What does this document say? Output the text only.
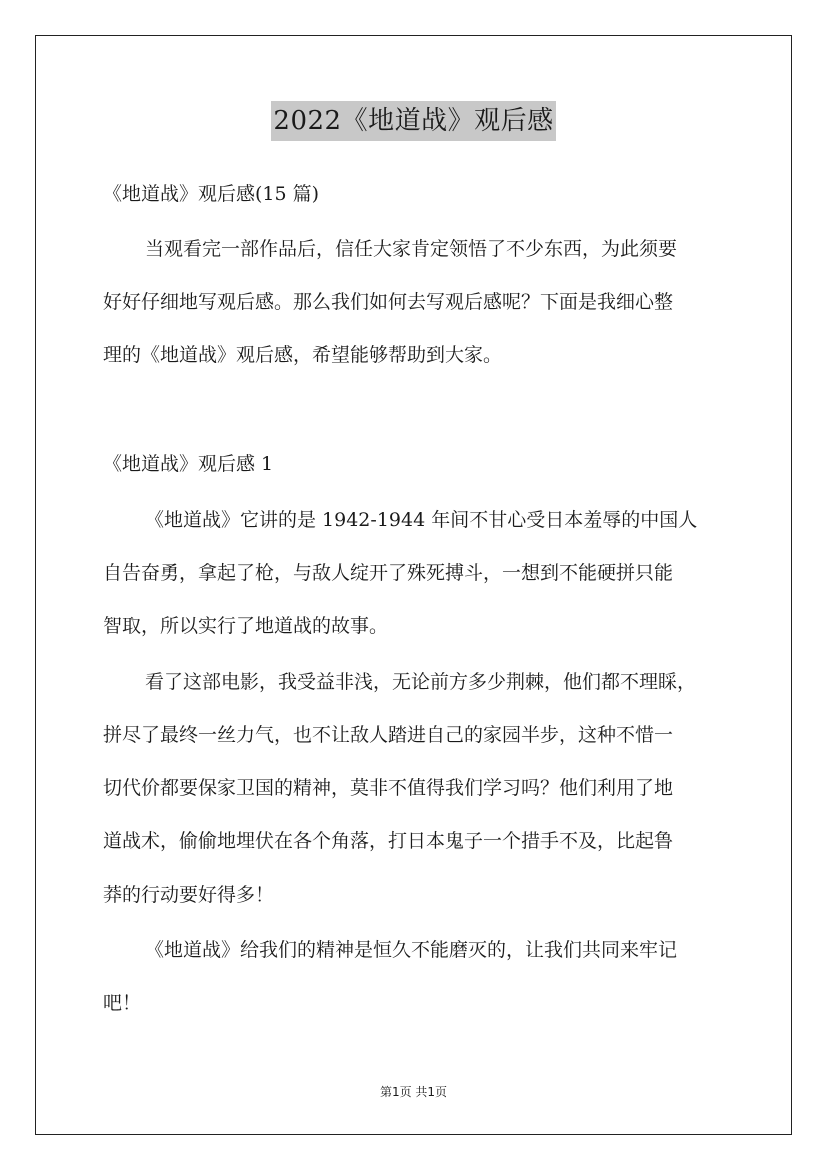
2022《地道战》观后感
《地道战》观后感(15 篇)
当观看完一部作品后，信任大家肯定领悟了不少东西，为此须要
好好仔细地写观后感。那么我们如何去写观后感呢？下面是我细心整
理的《地道战》观后感，希望能够帮助到大家。
《地道战》观后感 1
《地道战》它讲的是 1942-1944 年间不甘心受日本羞辱的中国人
自告奋勇，拿起了枪，与敌人绽开了殊死搏斗，一想到不能硬拼只能
智取，所以实行了地道战的故事。
看了这部电影，我受益非浅，无论前方多少荆棘，他们都不理睬，
拼尽了最终一丝力气，也不让敌人踏进自己的家园半步，这种不惜一
切代价都要保家卫国的精神，莫非不值得我们学习吗？他们利用了地
道战术，偷偷地埋伏在各个角落，打日本鬼子一个措手不及，比起鲁
莽的行动要好得多！
《地道战》给我们的精神是恒久不能磨灭的，让我们共同来牢记
吧！
第1页 共1页
